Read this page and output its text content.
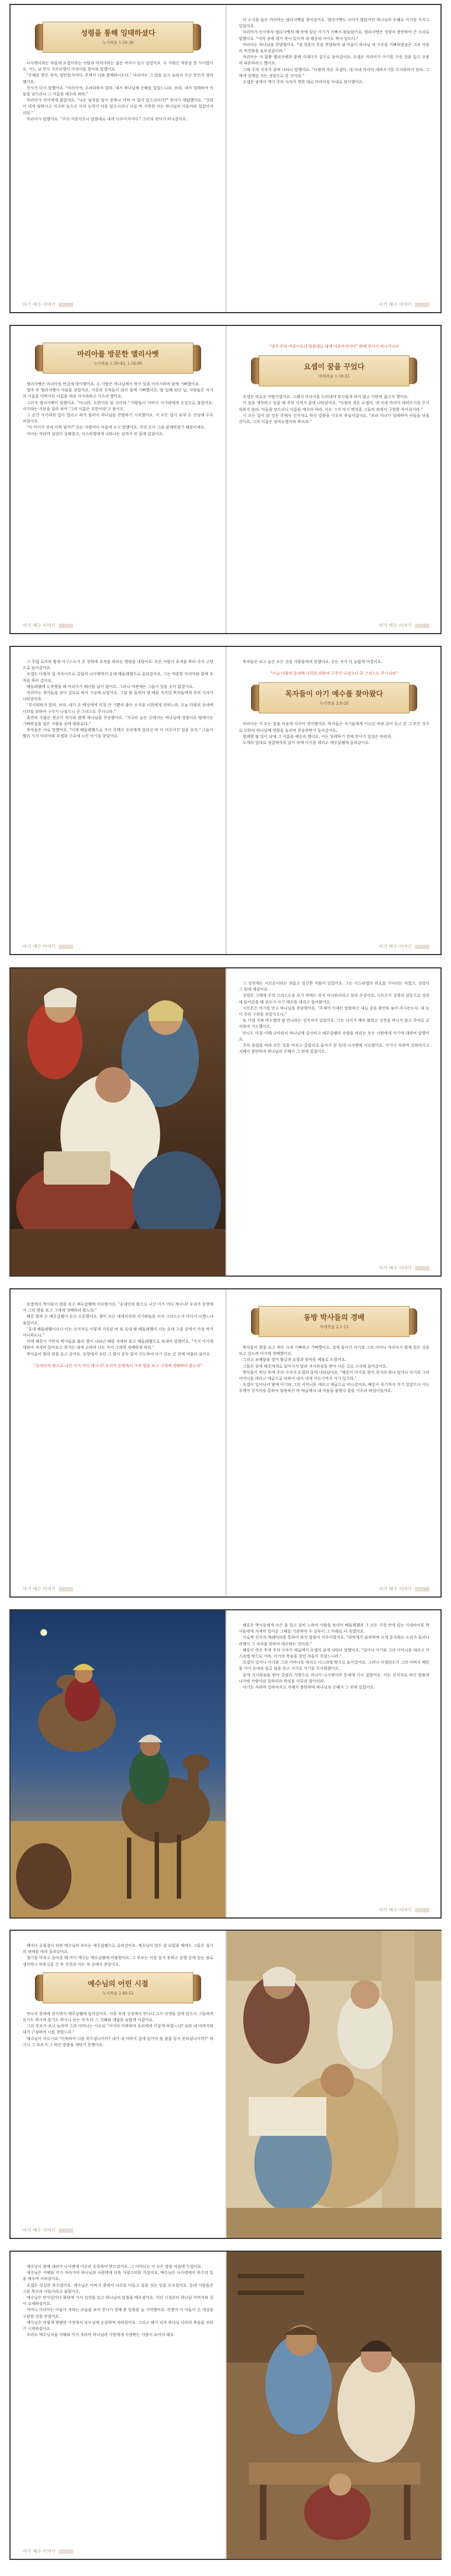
성령을 통해 잉태하셨다
누가복음 1:26-38

나사렛이라는 마을에 요셉이라는 사람과 마리아라는 젊은 여자가 살고 있었어요. 두 사람은 약혼을 한 사이였어요. 어느 날 천사 가브리엘이 마리아를 찾아와 말했어요.

"은혜를 받은 자여, 평안할지어다. 주께서 너와 함께하시도다." 마리아는 그 말을 듣고 놀라서 무슨 뜻인지 생각했어요.

천사가 다시 말했어요. "마리아여, 두려워하지 말라. 네가 하나님께 은혜를 입었느니라. 보라, 네가 잉태하여 아들을 낳으리니 그 이름을 예수라 하라."

마리아가 천사에게 물었어요. "나는 남자를 알지 못하니 어찌 이 일이 있으리이까?" 천사가 대답했어요. "성령이 네게 임하시고 지극히 높으신 이의 능력이 너를 덮으시리니 나실 바 거룩한 이는 하나님의 아들이라 일컬어지리라."

마리아가 말했어요. "주의 여종이오니 말씀대로 내게 이루어지이다." 그러자 천사가 떠나갔어요.

아기 예수 이야기

이 소식을 들은 마리아는 엘리사벳을 찾아갔어요. 엘리사벳도 나이가 많았지만 하나님의 은혜로 아기를 가지고 있었어요.

마리아가 인사하자 엘리사벳의 배 속에 있던 아기가 기뻐서 뛰놀았어요. 엘리사벳은 성령이 충만하여 큰 소리로 말했어요. "여자 중에 네가 복이 있으며 네 태중의 아이도 복이 있도다."

마리아는 하나님을 찬양했어요. "내 영혼이 주를 찬양하며 내 마음이 하나님 내 구주를 기뻐하였음은 그의 여종의 비천함을 돌보셨음이라."

마리아는 석 달쯤 엘리사벳과 함께 지내다가 집으로 돌아갔어요. 요셉은 마리아가 아기를 가진 것을 알고 조용히 파혼하려고 했어요.

그때 주의 사자가 꿈에 나타나 말했어요. "다윗의 자손 요셉아, 네 아내 마리아 데려오기를 무서워하지 말라. 그에게 잉태된 자는 성령으로 된 것이라."

요셉은 잠에서 깨어 주의 사자가 명한 대로 마리아를 아내로 맞이했어요.

아기 예수 이야기
마리아를 방문한 엘리사벳
누가복음 1:39-45, 1:56-80

엘리사벳은 마리아를 반갑게 맞이했어요. 두 사람은 하나님께서 하신 일을 이야기하며 함께 기뻐했어요.

얼마 후 엘리사벳이 아들을 낳았어요. 이웃과 친척들이 와서 함께 기뻐했어요. 팔 일째 되던 날, 사람들은 아기의 이름을 아버지의 이름을 따라 사가랴라고 지으려 했어요.

그러자 엘리사벳이 말했어요. "아니라, 요한이라 할 것이라." 사람들이 아버지 사가랴에게 손짓으로 물었어요. 사가랴는 서판을 달라 하여 '그의 이름은 요한이라'고 썼어요.

그 순간 사가랴의 입이 열리고 혀가 풀려서 하나님을 찬양하기 시작했어요. 이 모든 일이 유대 온 산골에 두루 퍼졌어요.

"이 아이가 장차 어찌 될까?" 듣는 사람마다 마음에 두고 말했어요. 주의 손이 그와 함께하셨기 때문이에요.

아이는 자라며 심령이 강해졌고, 이스라엘에게 나타나는 날까지 빈 들에 있었어요.

아기 예수 이야기

"내가 주의 여종이오니 말씀대로 내게 이루어지이다" 하매 천사가 떠나가니라

요셉이 꿈을 꾸었다
마태복음 1:18-25

요셉은 의로운 사람이었어요. 그래서 마리아를 드러내어 부끄럽게 하지 않고 가만히 끊고자 했어요.

이 일을 생각하고 있을 때 주의 사자가 꿈에 나타났어요. "다윗의 자손 요셉아, 네 아내 마리아 데려오기를 무서워하지 말라. 아들을 낳으리니 이름을 예수라 하라. 이는 그가 자기 백성을 그들의 죄에서 구원할 자이심이라."

이 모든 일이 된 것은 주께서 선지자로 하신 말씀을 이루려 하심이었어요. "보라 처녀가 잉태하여 아들을 낳을 것이요, 그의 이름은 임마누엘이라 하리라."

아기 예수 이야기

그 무렵 로마의 황제 아구스도가 온 천하에 호적을 하라는 명령을 내렸어요. 모든 사람이 호적을 하러 각각 고향으로 돌아갔어요.

요셉도 다윗의 집 족속이므로 갈릴리 나사렛에서 유대 베들레헴으로 올라갔어요. 그는 약혼한 마리아와 함께 호적을 하러 갔어요.

베들레헴에 도착했을 때 마리아가 해산할 날이 찼어요. 그러나 여관에는 그들이 있을 곳이 없었어요.

마리아는 첫아들을 낳아 강보로 싸서 구유에 뉘었어요. 그날 밤 들에서 양 떼를 지키던 목자들에게 주의 사자가 나타났어요.

"무서워하지 말라. 보라, 내가 온 백성에게 미칠 큰 기쁨의 좋은 소식을 너희에게 전하노라. 오늘 다윗의 동네에 너희를 위하여 구주가 나셨으니 곧 그리스도 주시니라."

홀연히 수많은 천군이 천사와 함께 하나님을 찬송했어요. "지극히 높은 곳에서는 하나님께 영광이요 땅에서는 기뻐하심을 입은 사람들 중에 평화로다."

목자들은 서로 말했어요. "이제 베들레헴으로 가서 주께서 우리에게 알리신 바 이 이루어진 일을 보자." 그들이 빨리 가서 마리아와 요셉과 구유에 누인 아기를 찾았어요.

아기 예수 이야기

목자들은 보고 들은 모든 것을 사람들에게 전했어요. 듣는 자가 다 놀랍게 여겼어요.

"오늘 다윗의 동네에 너희를 위하여 구주가 나셨으니 곧 그리스도 주시니라"

목자들이 아기 예수를 찾아왔다
누가복음 2:8-20

마리아는 이 모든 말을 마음에 지키어 생각했어요. 목자들은 자기들에게 이르던 바와 같이 듣고 본 그 모든 것으로 인하여 하나님께 영광을 돌리며 찬송하면서 돌아갔어요.

할례할 팔 일이 되매 그 이름을 예수라 했어요. 이는 잉태하기 전에 천사가 일컬은 바러라.

모세의 법대로 정결예식의 날이 차매 아기를 데리고 예루살렘에 올라갔어요.

아기 예수 이야기

그 성전에는 시므온이라는 의롭고 경건한 사람이 있었어요. 그는 이스라엘의 위로를 기다리는 자였고, 성령이 그 위에 계셨어요.

성령은 그에게 주의 그리스도를 보기 전에는 죽지 아니하리라고 알려 주셨어요. 시므온이 성령의 감동으로 성전에 들어갔을 때 부모가 아기 예수를 데리고 들어왔어요.

시므온은 아기를 안고 하나님을 찬송했어요. "주재여 이제는 말씀하신 대로 종을 평안히 놓아 주시는도다. 내 눈이 주의 구원을 보았사오니."

또 아셀 지파 바누엘의 딸 안나라는 선지자가 있었어요. 그는 나이가 매우 많았고 성전을 떠나지 않고 주야로 금식하며 기도했어요.

안나도 마침 이때 나아와서 하나님께 감사하고 예루살렘의 속량을 바라는 모든 사람에게 아기에 대하여 말했어요.

주의 율법을 따라 모든 일을 마치고 갈릴리로 돌아가 본 동네 나사렛에 이르렀어요. 아기가 자라며 강하여지고 지혜가 충만하며 하나님의 은혜가 그 위에 있었어요.

아기 예수 이야기

동방에서 박사들이 별을 보고 예루살렘에 이르렀어요. "유대인의 왕으로 나신 이가 어디 계시냐? 우리가 동방에서 그의 별을 보고 그에게 경배하러 왔노라."

헤롯 왕과 온 예루살렘이 듣고 소동했어요. 왕이 모든 대제사장과 서기관들을 모아 그리스도가 어디서 나겠느냐 물었어요.

"유대 베들레헴이오니 이는 선지자로 이렇게 기록된 바 또 유대 땅 베들레헴아 너는 유대 고을 중에서 가장 작지 아니하도다."

이에 헤롯이 가만히 박사들을 불러 별이 나타난 때를 자세히 묻고 베들레헴으로 보내며 말했어요. "가서 아기에 대하여 자세히 알아보고 찾거든 내게 고하여 나도 가서 그에게 경배하게 하라."

박사들이 왕의 말을 듣고 갔어요. 동방에서 보던 그 별이 문득 앞서 인도하여 아기 있는 곳 위에 머물러 섰어요.

"유대인의 왕으로 나신 이가 어디 계시냐? 우리가 동방에서 그의 별을 보고 그에게 경배하러 왔노라"

아기 예수 이야기
동방 박사들의 경배
마태복음 2:1-12

박사들이 별을 보고 매우 크게 기뻐하고 기뻐했어요. 집에 들어가 아기와 그의 어머니 마리아가 함께 있는 것을 보고 엎드려 아기께 경배했어요.

그리고 보배합을 열어 황금과 유향과 몰약을 예물로 드렸어요.

그들은 꿈에 헤롯에게로 돌아가지 말라 지시하심을 받아 다른 길로 고국에 돌아갔어요.

박사들이 떠난 후에 주의 사자가 요셉의 꿈에 나타났어요. "헤롯이 아기를 찾아 죽이려 하니 일어나 아기와 그의 어머니를 데리고 애굽으로 피하여 내가 네게 이르기까지 거기 있으라."

요셉이 일어나서 밤에 아기와 그의 어머니를 데리고 애굽으로 떠나갔어요. 헤롯이 죽기까지 거기 있었으니 이는 주께서 선지자를 통하여 말씀하신 바 애굽에서 내 아들을 불렀다 함을 이루려 하심이었어요.

아기 예수 이야기

헤롯은 박사들에게 속은 줄 알고 심히 노하여 사람을 보내어 베들레헴과 그 모든 지경 안에 있는 사내아이를 박사들에게 자세히 알아본 그때를 기준하여 두 살부터 그 아래로 다 죽였어요.

이로써 선지자 예레미야를 통하여 하신 말씀이 이루어졌어요. "라마에서 슬퍼하며 크게 통곡하는 소리가 들리니 라헬이 그 자식을 위하여 애곡하는 것이라."

헤롯이 죽은 후에 주의 사자가 애굽에서 요셉의 꿈에 나타나 말했어요. "일어나 아기와 그의 어머니를 데리고 이스라엘 땅으로 가라. 아기의 목숨을 찾던 자들이 죽었느니라."

요셉이 일어나 아기와 그의 어머니를 데리고 이스라엘 땅으로 들어갔어요. 그러나 아켈라오가 그의 아버지 헤롯을 이어 유대의 임금 됨을 듣고 거기로 가기를 무서워했어요.

꿈에 지시하심을 받아 갈릴리 지방으로 떠나가 나사렛이란 동네에 가서 살았어요. 이는 선지자로 하신 말씀에 나사렛 사람이라 칭하리라 하심을 이루려 함이러라.

아기는 자라며 강하여지고 지혜가 충만하며 하나님의 은혜가 그 위에 있었어요.

아기 예수 이야기

해마다 유월절이 되면 예수님의 부모는 예루살렘으로 올라갔어요. 예수님이 열두 살 되었을 때에도 그들은 절기의 관례를 따라 올라갔어요.

절기를 마치고 돌아갈 때 아이 예수는 예루살렘에 머물렀어요. 그 부모는 이를 알지 못하고 동행 중에 있는 줄로 생각하고 하룻길을 간 후 친족과 아는 자 중에서 찾았어요.

예수님의 어린 시절
누가복음 2:40-52

만나지 못하매 찾으면서 예루살렘에 돌아갔어요. 사흘 후에 성전에서 만나니 그가 선생들 중에 앉으사 그들에게 듣기도 하시며 묻기도 하시니 듣는 자가 다 그 지혜와 대답을 놀랍게 여겼어요.

그의 부모가 보고 놀라며 그의 어머니는 이르되 "아이야 어찌하여 우리에게 이렇게 하였느냐? 보라 네 아버지와 내가 근심하여 너를 찾았노라."

예수님이 이르시되 "어찌하여 나를 찾으셨나이까? 내가 내 아버지 집에 있어야 될 줄을 알지 못하셨나이까?" 하시니 그 부모가 그 하신 말씀을 깨닫지 못했어요.

아기 예수 이야기

예수님이 함께 내려가 나사렛에 이르러 순종하여 받드셨어요. 그 어머니는 이 모든 말을 마음에 두었어요.

예수님은 지혜와 키가 자라가며 하나님과 사람에게 더욱 사랑스러워 가셨어요. 예수님은 나사렛에서 목수의 일을 배우며 자라셨어요.

요셉은 성실한 목수였어요. 예수님은 아버지 곁에서 나무를 다듬고 집을 짓는 일을 도우셨어요. 동네 사람들은 그를 목수의 아들이라고 불렀어요.

예수님은 안식일마다 회당에 가서 성경을 읽고 하나님의 말씀을 배우셨어요. 어린 시절부터 하나님 아버지와 깊이 교제하셨어요.

어머니 마리아는 아들이 자라는 모습을 보며 천사가 전해 준 말씀을 늘 기억했어요. 언젠가 이 아들이 온 세상을 구원할 것을 믿었어요.

예수님은 이렇게 평범한 가정에서 부모님께 순종하며 자라셨어요. 그리고 때가 되자 하나님 나라의 복음을 전하기 시작하셨어요.

우리도 예수님처럼 지혜와 키가 자라며 하나님과 사람에게 사랑받는 사람이 되어야 해요.

아기 예수 이야기
